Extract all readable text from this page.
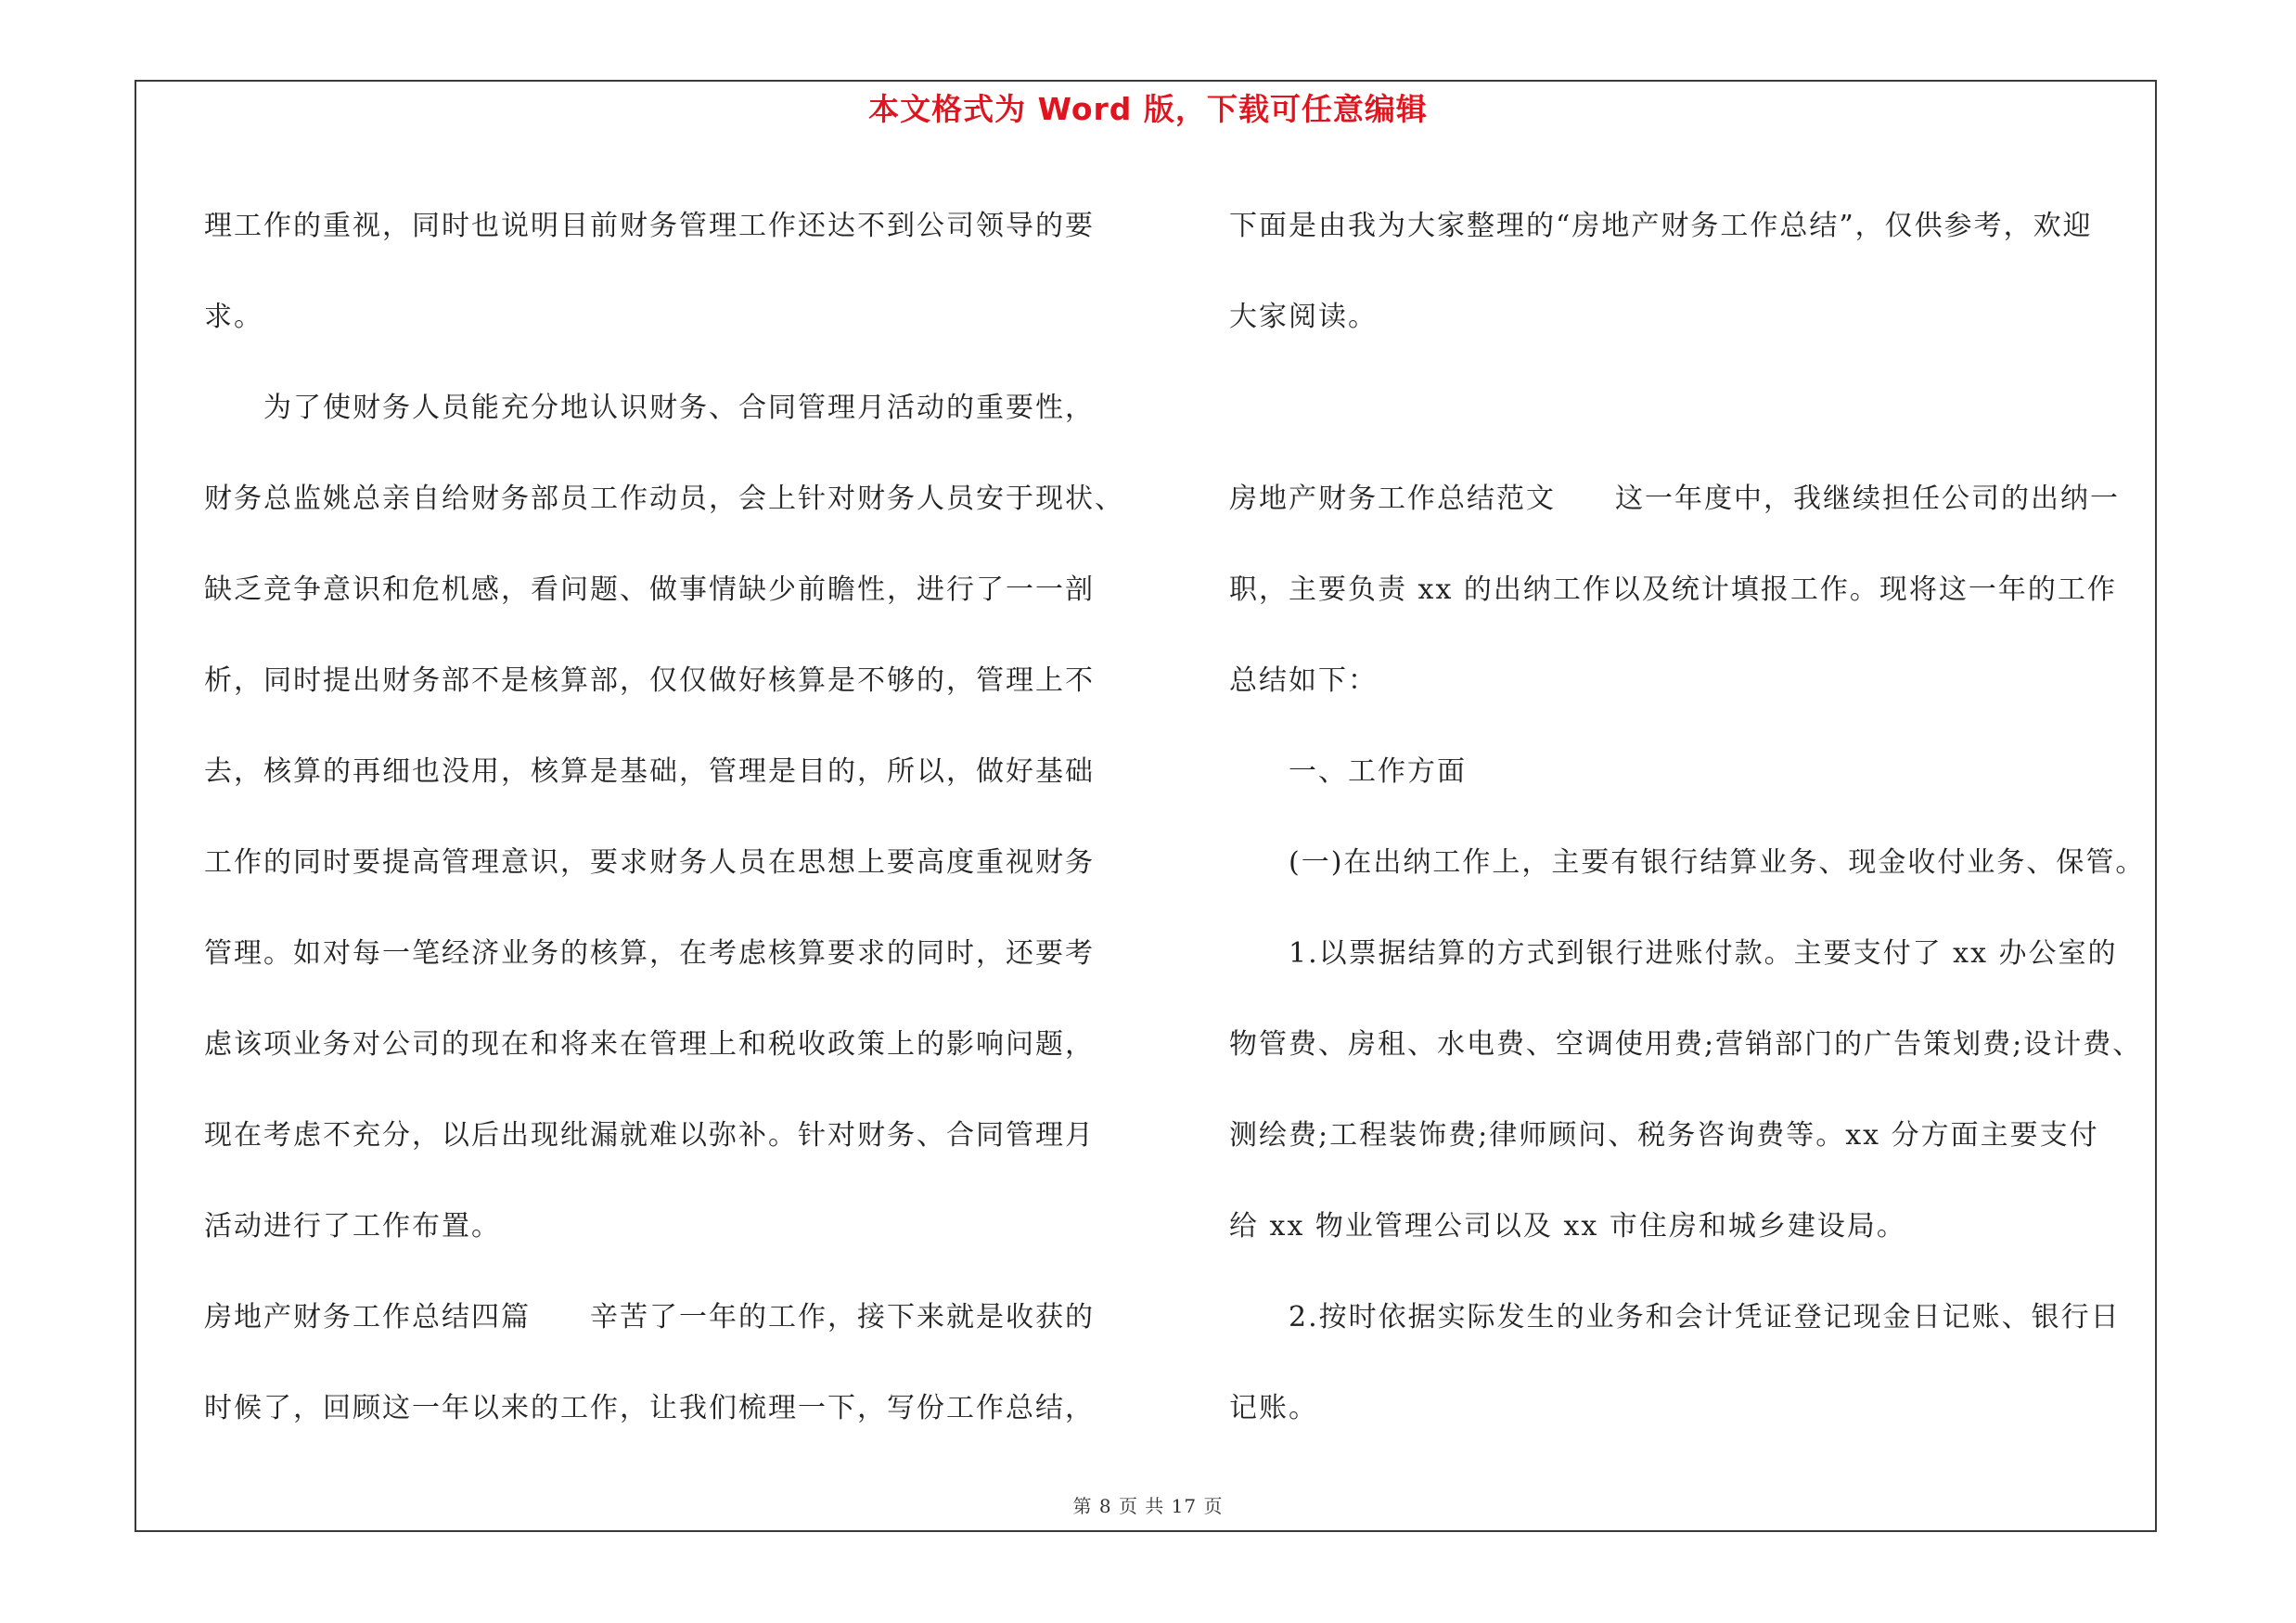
本文格式为 Word 版，下载可任意编辑
理工作的重视，同时也说明目前财务管理工作还达不到公司领导的要
求。
　　为了使财务人员能充分地认识财务、合同管理月活动的重要性，
财务总监姚总亲自给财务部员工作动员，会上针对财务人员安于现状、
缺乏竞争意识和危机感，看问题、做事情缺少前瞻性，进行了一一剖
析，同时提出财务部不是核算部，仅仅做好核算是不够的，管理上不
去，核算的再细也没用，核算是基础，管理是目的，所以，做好基础
工作的同时要提高管理意识，要求财务人员在思想上要高度重视财务
管理。如对每一笔经济业务的核算，在考虑核算要求的同时，还要考
虑该项业务对公司的现在和将来在管理上和税收政策上的影响问题，
现在考虑不充分，以后出现纰漏就难以弥补。针对财务、合同管理月
活动进行了工作布置。
房地产财务工作总结四篇　　辛苦了一年的工作，接下来就是收获的
时候了，回顾这一年以来的工作，让我们梳理一下，写份工作总结，
下面是由我为大家整理的“房地产财务工作总结”，仅供参考，欢迎
大家阅读。
房地产财务工作总结范文　　这一年度中，我继续担任公司的出纳一
职，主要负责 xx 的出纳工作以及统计填报工作。现将这一年的工作
总结如下：
　　一、工作方面
　　(一)在出纳工作上，主要有银行结算业务、现金收付业务、保管。
　　1.以票据结算的方式到银行进账付款。主要支付了 xx 办公室的
物管费、房租、水电费、空调使用费;营销部门的广告策划费;设计费、
测绘费;工程装饰费;律师顾问、税务咨询费等。xx 分方面主要支付
给 xx 物业管理公司以及 xx 市住房和城乡建设局。
　　2.按时依据实际发生的业务和会计凭证登记现金日记账、银行日
记账。
第 8 页 共 17 页
